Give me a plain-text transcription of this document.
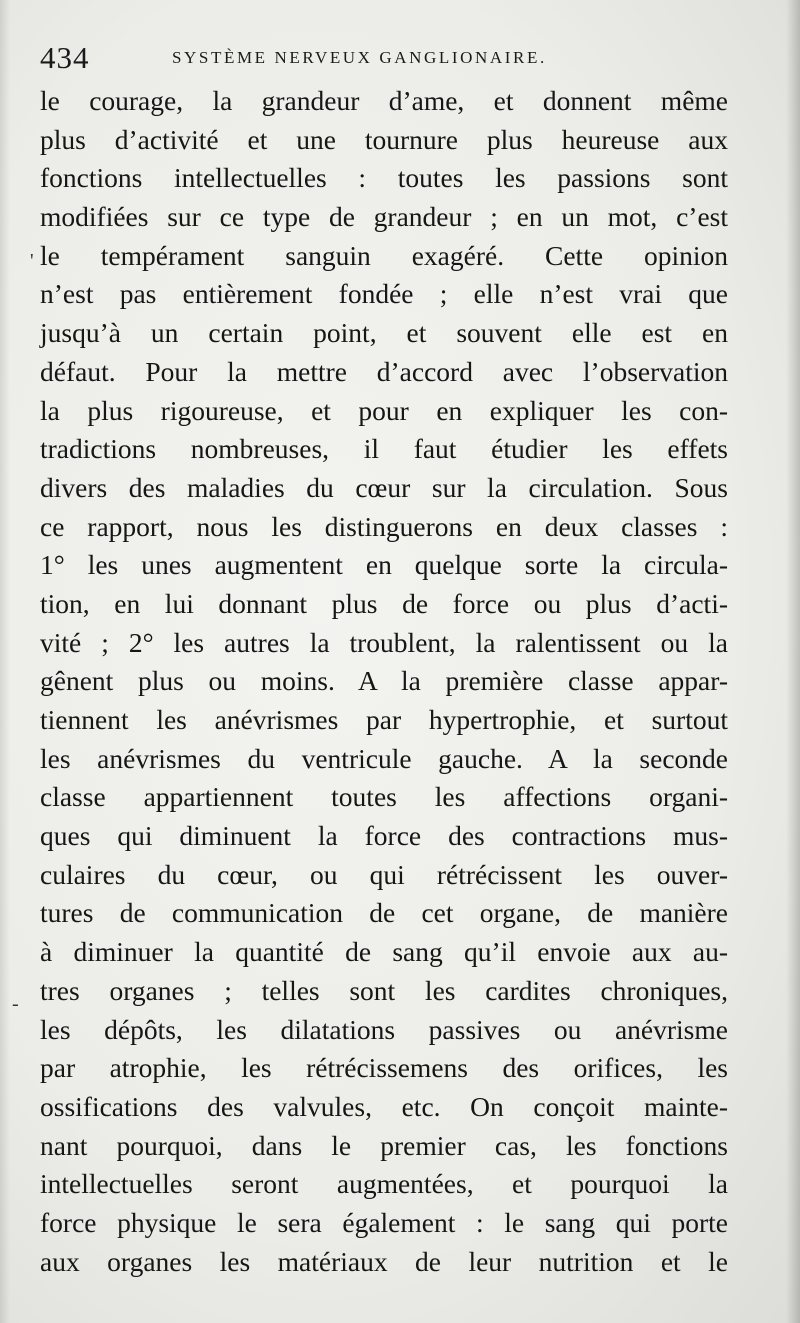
434	SYSTÈME NERVEUX GANGLIONAIRE.
'
-
le courage, la grandeur d’ame, et donnent même
plus d’activité et une tournure plus heureuse aux
fonctions intellectuelles : toutes les passions sont
modifiées sur ce type de grandeur ; en un mot, c’est
le tempérament sanguin exagéré. Cette opinion
n’est pas entièrement fondée ; elle n’est vrai que
jusqu’à un certain point, et souvent elle est en
défaut. Pour la mettre d’accord avec l’observation
la plus rigoureuse, et pour en expliquer les con-
tradictions nombreuses, il faut étudier les effets
divers des maladies du cœur sur la circulation. Sous
ce rapport, nous les distinguerons en deux classes :
1° les unes augmentent en quelque sorte la circula-
tion, en lui donnant plus de force ou plus d’acti-
vité ; 2° les autres la troublent, la ralentissent ou la
gênent plus ou moins. A la première classe appar-
tiennent les anévrismes par hypertrophie, et surtout
les anévrismes du ventricule gauche. A la seconde
classe appartiennent toutes les affections organi-
ques qui diminuent la force des contractions mus-
culaires du cœur, ou qui rétrécissent les ouver-
tures de communication de cet organe, de manière
à diminuer la quantité de sang qu’il envoie aux au-
tres organes ; telles sont les cardites chroniques,
les dépôts, les dilatations passives ou anévrisme
par atrophie, les rétrécissemens des orifices, les
ossifications des valvules, etc. On conçoit mainte-
nant pourquoi, dans le premier cas, les fonctions
intellectuelles seront augmentées, et pourquoi la
force physique le sera également : le sang qui porte
aux organes les matériaux de leur nutrition et le
